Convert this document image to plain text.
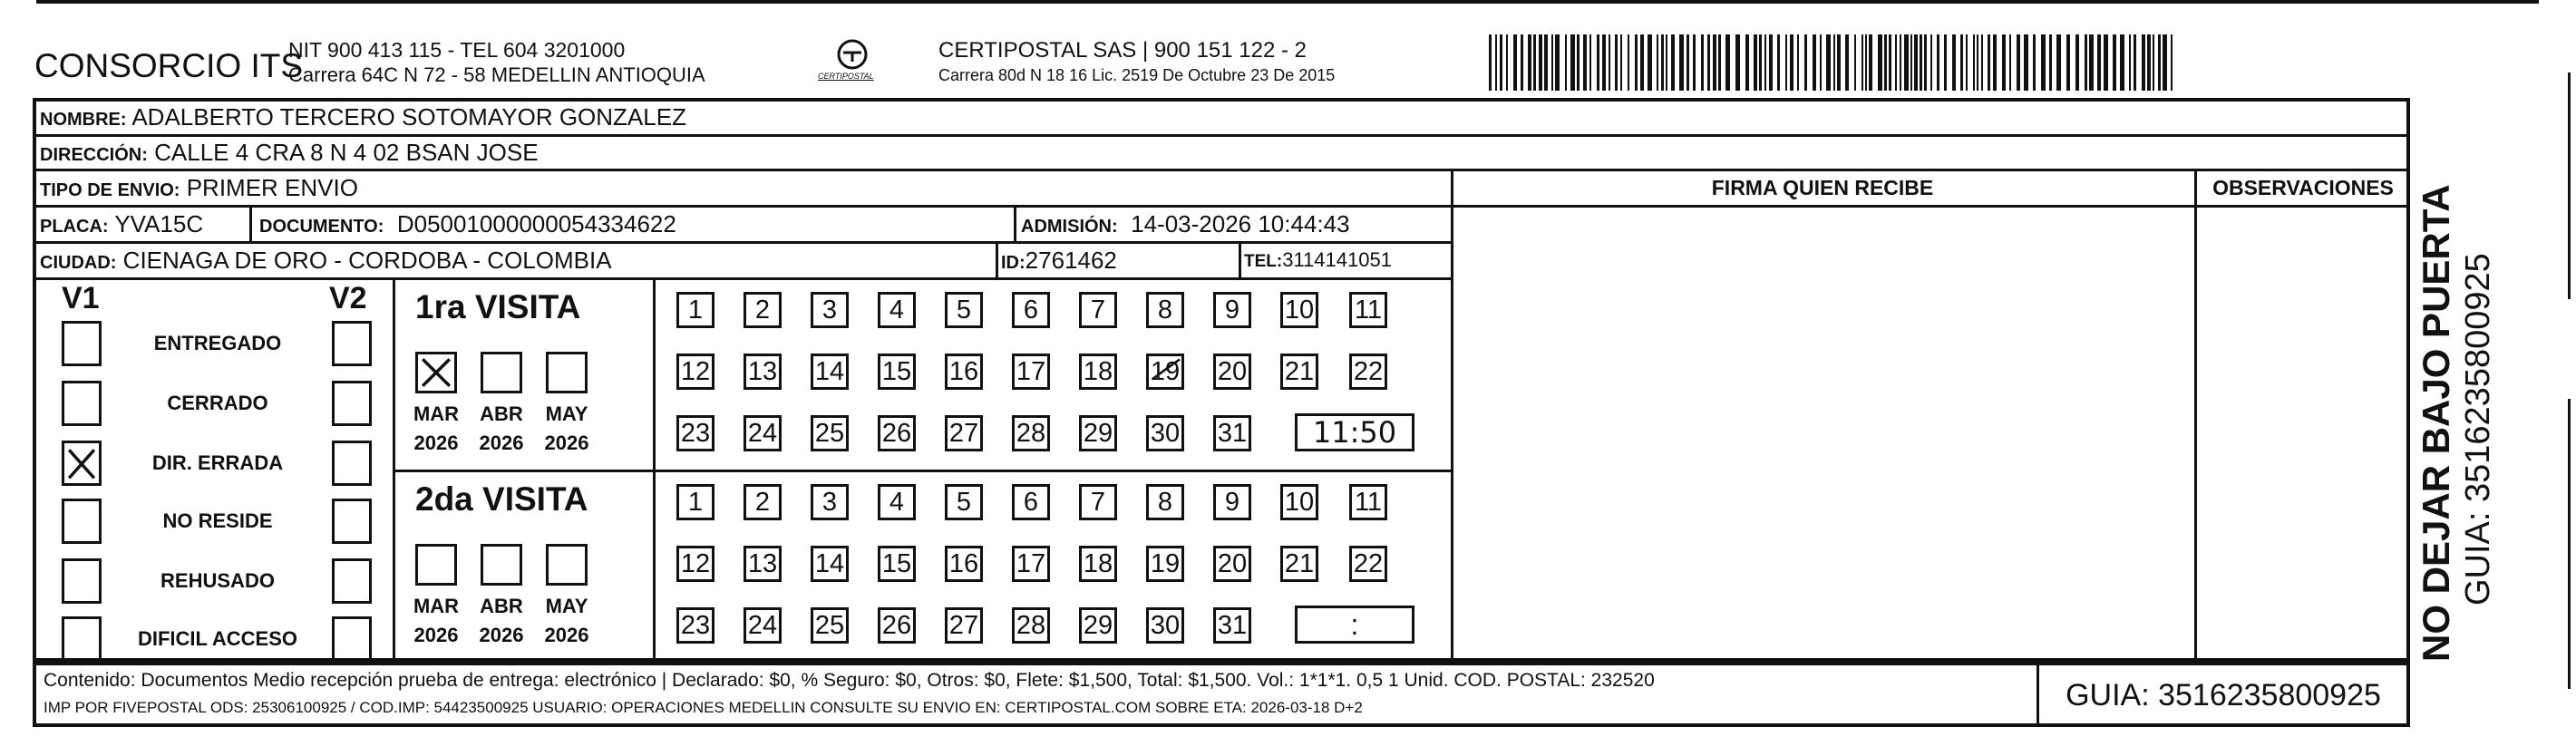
CONSORCIO ITS
NIT 900 413 115 - TEL 604 3201000
Carrera 64C N 72 - 58 MEDELLIN ANTIOQUIA	CERTIPOSTAL
CERTIPOSTAL SAS | 900 151 122 - 2
Carrera 80d N 18 16 Lic. 2519 De Octubre 23 De 2015
NOMBRE: ADALBERTO TERCERO SOTOMAYOR GONZALEZ
DIRECCIÓN: CALLE 4 CRA 8 N 4 02 BSAN JOSE
TIPO DE ENVIO: PRIMER ENVIO
PLACA: YVA15C	DOCUMENTO: D05001000000054334622	ADMISIÓN: 14-03-2026 10:44:43
CIUDAD: CIENAGA DE ORO - CORDOBA - COLOMBIA	ID:2761462	TEL:3114141051
FIRMA QUIEN RECIBE	OBSERVACIONES
V1	V2
ENTREGADO
CERRADO
DIR. ERRADA
NO RESIDE
REHUSADO
DIFICIL ACCESO
1ra VISITA
MAR
2026
ABR
2026
MAY
2026
1	2	3	4	5	6	7	8	9	10 11
12 13 14 15 16 17 18 19 20 21 22
23 24 25 26 27 28 29 30 31	11:50
2da VISITA
MAR
2026
ABR
2026
MAY
2026
1	2	3	4	5	6	7	8	9	10 11
12 13 14 15 16 17 18 19 20 21 22
23 24 25 26 27 28 29 30 31	:
Contenido: Documentos Medio recepción prueba de entrega: electrónico | Declarado: $0, % Seguro: $0, Otros: $0, Flete: $1,500, Total: $1,500. Vol.: 1*1*1. 0,5 1 Unid. COD. POSTAL: 232520
IMP POR FIVEPOSTAL ODS: 25306100925 / COD.IMP: 54423500925 USUARIO: OPERACIONES MEDELLIN CONSULTE SU ENVIO EN: CERTIPOSTAL.COM SOBRE ETA: 2026-03-18 D+2	GUIA: 3516235800925
NO DEJAR BAJO PUERTA GUIA: 3516235800925
